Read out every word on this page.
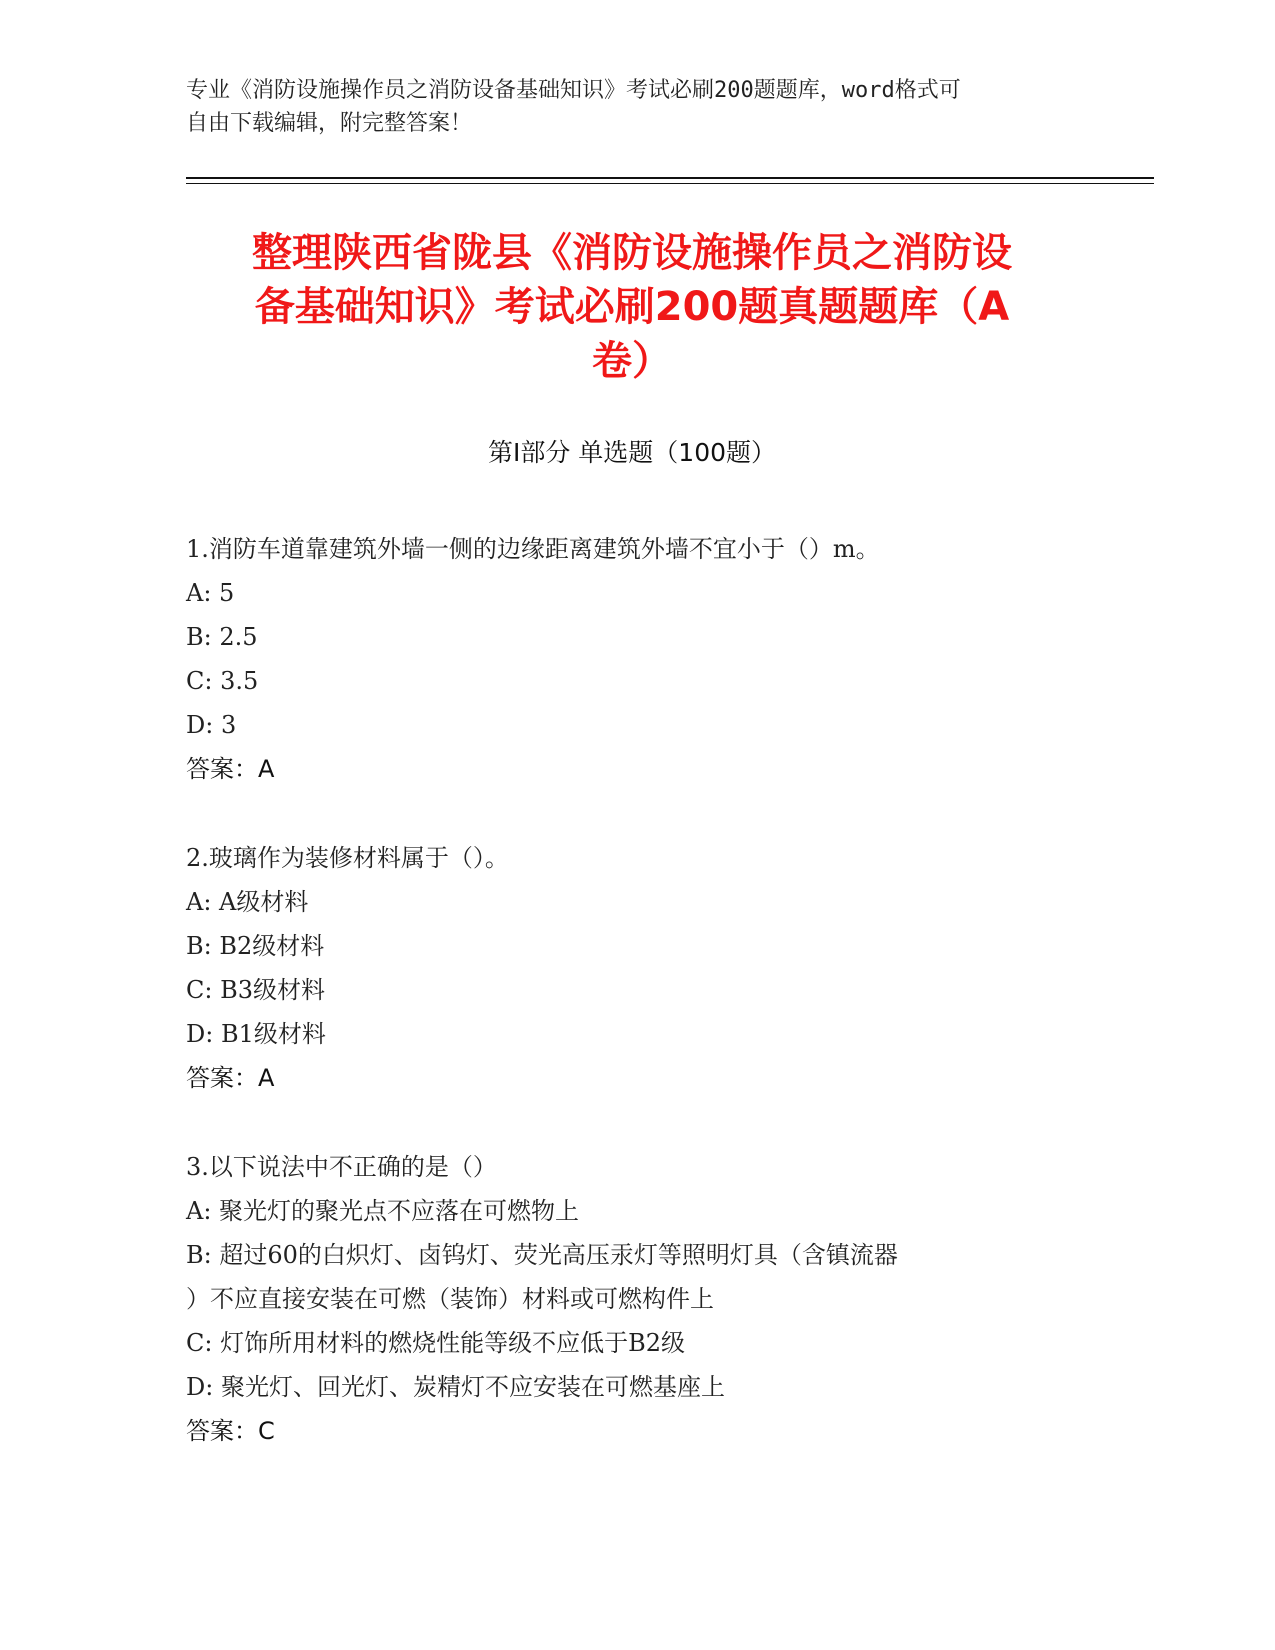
专业《消防设施操作员之消防设备基础知识》考试必刷200题题库，word格式可
自由下载编辑，附完整答案！
整理陕西省陇县《消防设施操作员之消防设
备基础知识》考试必刷200题真题题库（A
卷）
第I部分 单选题（100题）
1.消防车道靠建筑外墙一侧的边缘距离建筑外墙不宜小于（）m。
A: 5
B: 2.5
C: 3.5
D: 3
答案：A
2.玻璃作为装修材料属于（）。
A: A级材料
B: B2级材料
C: B3级材料
D: B1级材料
答案：A
3.以下说法中不正确的是（）
A: 聚光灯的聚光点不应落在可燃物上
B: 超过60的白炽灯、卤钨灯、荧光高压汞灯等照明灯具（含镇流器
）不应直接安装在可燃（装饰）材料或可燃构件上
C: 灯饰所用材料的燃烧性能等级不应低于B2级
D: 聚光灯、回光灯、炭精灯不应安装在可燃基座上
答案：C
